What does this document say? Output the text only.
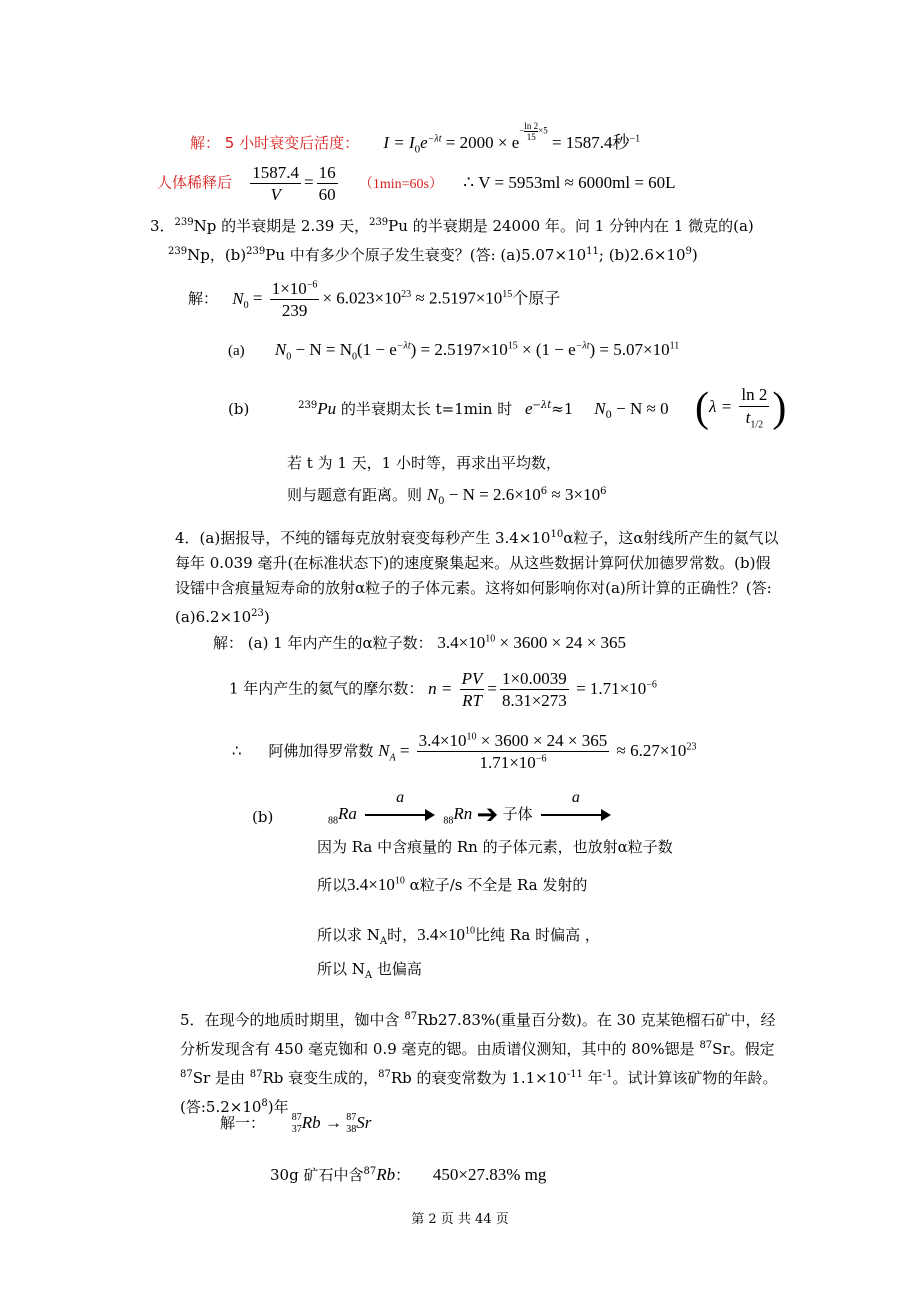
解： 5 小时衰变后活度： $I = I_0e^{-\lambda t} = 2000 \times e^{- \frac{\ln 2}{15} \times 5} = 1587.4$秒$^{-1}$
人体稀释后 $\frac{1587.4}{V} = \frac{16}{60} (1\min=60s)$ ∴ V = 5953ml ≈ 6000ml = 60L
3．$^{239}$Np 的半衰期是 2.39 天，$^{239}$Pu 的半衰期是 24000 年。问 1 分钟内在 1 微克的(a)
$^{239}$Np，$(b)^{239}Pu$ 中有多少个原子发生衰变？(答: $(a)5.07\times 10^{11}$; $(b)2.6\times 10^9$)
解： $N_0 = \frac{1\times 10^{-6}}{239} \times 6.023\times 10^{23} \approx 2.5197\times 10^{15}$个原子
(a) $N_0 - N = N_0(1 - e^{-\lambda t}) = 2.5197\times 10^{15} \times (1 - e^{-\lambda t}) = 5.07\times 10^{11}$
(b)	$^{239}$Pu 的半衰期太长 t=1min 时 $e^{-\lambda t}\approx 1$ $N_0 - N \approx 0$ ($\lambda = \frac{\ln 2}{t_{1/2}}$ )
若 t 为 1 天，1 小时等，再求出平均数，
则与题意有距离。则 $N_0 - N = 2.6\times 10^6 \approx 3\times 10^6$
4．(a)据报导，不纯的镭每克放射衰变每秒产生 $3.4\times 10^{10}\alpha$粒子，这α射线所产生的氦气以每年 0.039 毫升(在标准状态下)的速度聚集起来。从这些数据计算阿伏加德罗常数。(b)假设镭中含痕量短寿命的放射α粒子的子体元素。这将如何影响你对(a)所计算的正确性？(答: $(a)6.2\times 10^{23}$)
解： (a) 1 年内产生的α粒子数： $3.4\times 10^{10} \times 3600 \times 24 \times 365$
1 年内产生的氦气的摩尔数： $n = \frac{PV}{RT} = \frac{1\times 0.0039}{8.31\times 273} = 1.71\times 10^{-6}$
∴ 阿佛加得罗常数 $N_A = \frac{3.4\times 10^{10} \times 3600 \times 24 \times 365}{1.71\times 10^{-6}} \approx 6.27\times 10^{23}$
(b)	$_{88}$Ra
a
$_{88}$Rn ➔ 子体
a
因为 Ra 中含痕量的 Rn 的子体元素，也放射α粒子数
所以$3.4\times 10^{10}$ α粒子/s 不全是 Ra 发射的
所以求 $N_A$时，$3.4\times 10^{10}$比纯 Ra 时偏高 ，
所以 $N_A$ 也偏高
5．在现今的地质时期里，铷中含 $^{87}$Rb27.83%(重量百分数)。在 30 克某铯榴石矿中，经分析发现含有 450 毫克铷和 0.9 毫克的锶。由质谱仪测知，其中的 80%锶是 $^{87}$Sr。假定 $^{87}$Sr 是由 $^{87}$Rb 衰变生成的，$^{87}$Rb 的衰变常数为 $1.1\times 10^{-11}$ 年$^{-1}$。试计算该矿物的年龄。(答$:5.2\times 10^8$)年
解一：	87
37 Rb → 87
38 Sr
30g 矿石中含$^{87}$Rb： 450×27.83% mg
第 2 页 共 44 页
